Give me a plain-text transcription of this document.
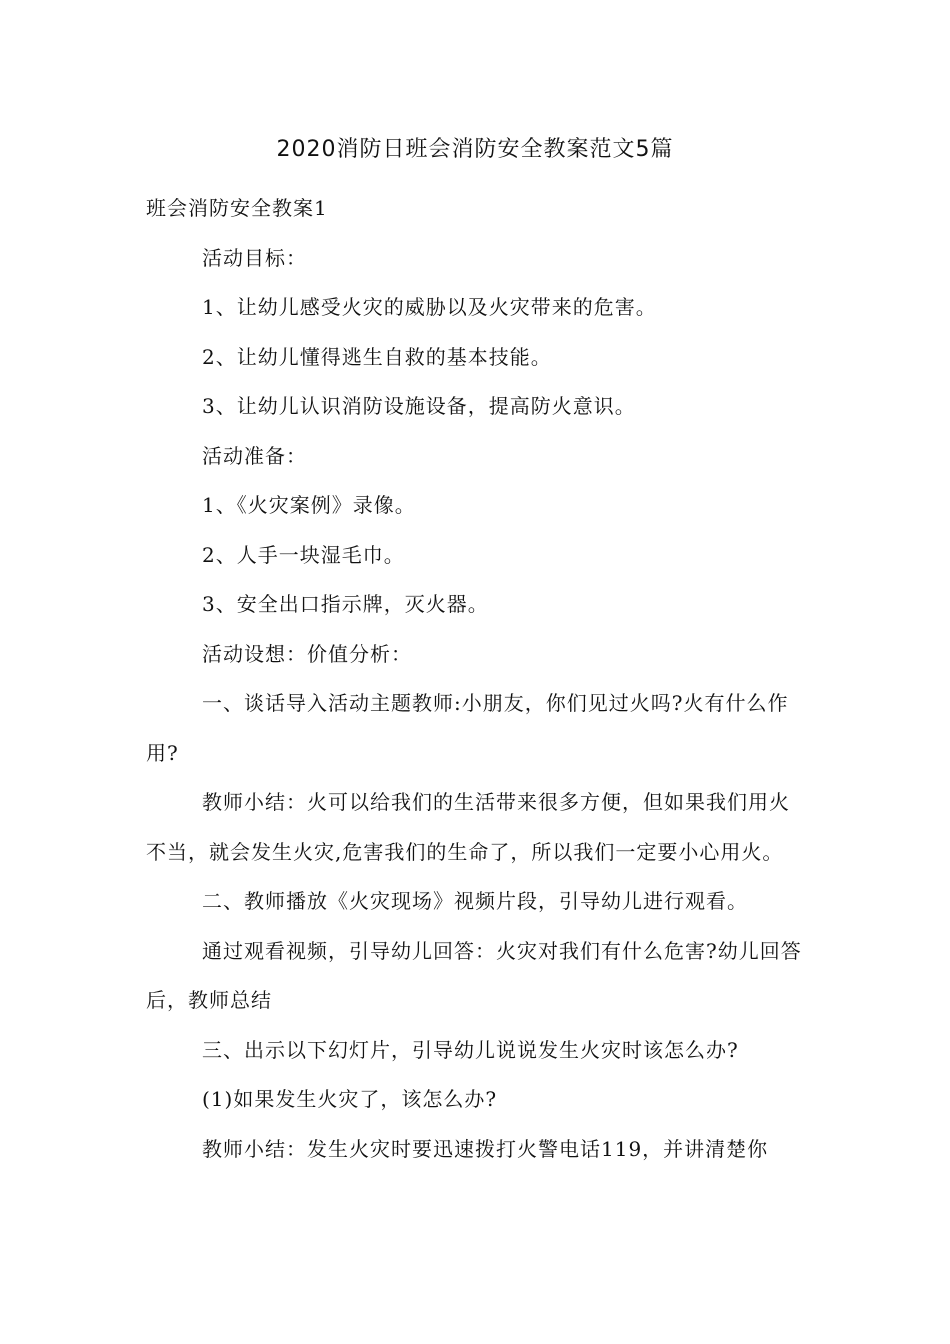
2020消防日班会消防安全教案范文5篇

班会消防安全教案1

活动目标：

1、让幼儿感受火灾的威胁以及火灾带来的危害。

2、让幼儿懂得逃生自救的基本技能。

3、让幼儿认识消防设施设备，提高防火意识。

活动准备：

1、《火灾案例》录像。

2、人手一块湿毛巾。

3、安全出口指示牌，灭火器。

活动设想：价值分析：

一、谈话导入活动主题教师:小朋友，你们见过火吗?火有什么作用?

教师小结：火可以给我们的生活带来很多方便，但如果我们用火不当，就会发生火灾,危害我们的生命了，所以我们一定要小心用火。

二、教师播放《火灾现场》视频片段，引导幼儿进行观看。

通过观看视频，引导幼儿回答：火灾对我们有什么危害?幼儿回答后，教师总结

三、出示以下幻灯片，引导幼儿说说发生火灾时该怎么办?

(1)如果发生火灾了，该怎么办?

教师小结：发生火灾时要迅速拨打火警电话119，并讲清楚你
